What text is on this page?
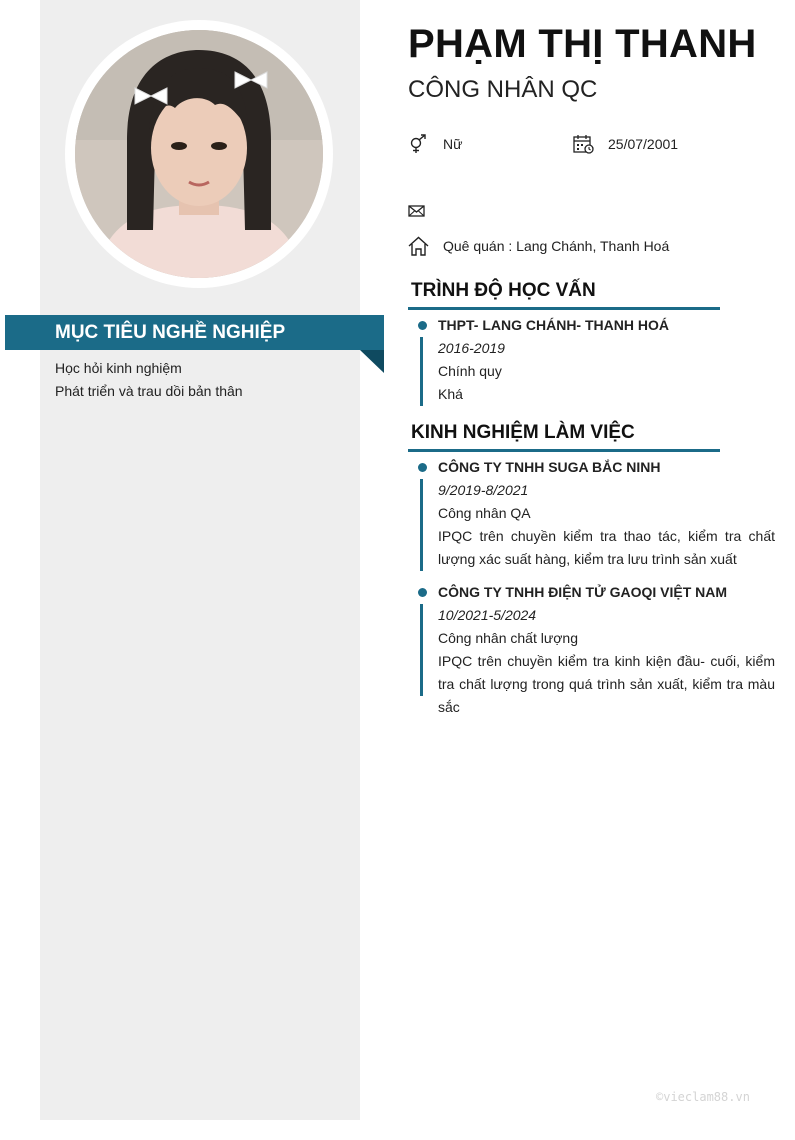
MỤC TIÊU NGHỀ NGHIỆP
Học hỏi kinh nghiệm
Phát triển và trau dồi bản thân
PHẠM THỊ THANH
CÔNG NHÂN QC
Nữ	25/07/2001
Quê quán : Lang Chánh, Thanh Hoá
TRÌNH ĐỘ HỌC VẤN
THPT- LANG CHÁNH- THANH HOÁ
2016-2019
Chính quy
Khá
KINH NGHIỆM LÀM VIỆC
CÔNG TY TNHH SUGA BẮC NINH
9/2019-8/2021
Công nhân QA
IPQC trên chuyền kiểm tra thao tác, kiểm tra chất lượng xác suất hàng, kiểm tra lưu trình sản xuất
CÔNG TY TNHH ĐIỆN TỬ GAOQI VIỆT NAM
10/2021-5/2024
Công nhân chất lượng
IPQC trên chuyền kiểm tra kinh kiện đầu- cuối, kiểm tra chất lượng trong quá trình sản xuất, kiểm tra màu sắc
©vieclam88.vn
